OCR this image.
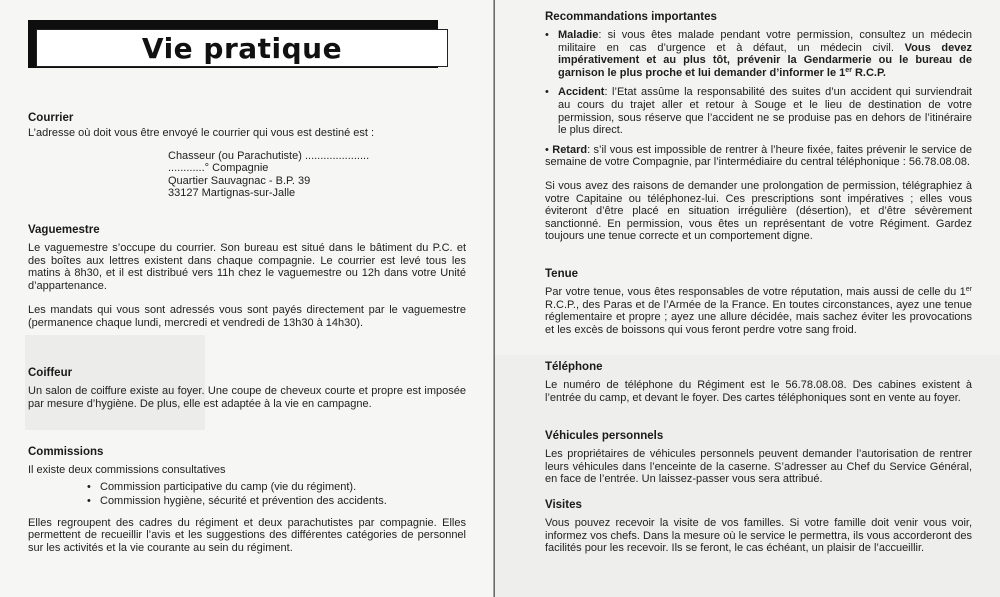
Vie pratique
Courrier

L’adresse où doit vous être envoyé le courrier qui vous est destiné est :

Chasseur (ou Parachutiste) .....................
............° Compagnie
Quartier Sauvagnac - B.P. 39
33127 Martignas-sur-Jalle
Vaguemestre

Le vaguemestre s’occupe du courrier. Son bureau est situé dans le bâtiment du P.C. et des boîtes aux lettres existent dans chaque compagnie. Le courrier est levé tous les matins à 8h30, et il est distribué vers 11h chez le vaguemestre ou 12h dans votre Unité d’appartenance.

Les mandats qui vous sont adressés vous sont payés directement par le vaguemestre (permanence chaque lundi, mercredi et vendredi de 13h30 à 14h30).

Coiffeur

Un salon de coiffure existe au foyer. Une coupe de cheveux courte et propre est imposée par mesure d’hygiène. De plus, elle est adaptée à la vie en campagne.

Commissions

Il existe deux commissions consultatives

• Commission participative du camp (vie du régiment).
• Commission hygiène, sécurité et prévention des accidents.

Elles regroupent des cadres du régiment et deux parachutistes par compagnie. Elles permettent de recueillir l’avis et les suggestions des différentes catégories de personnel sur les activités et la vie courante au sein du régiment.

Recommandations importantes
• Maladie: si vous êtes malade pendant votre permission, consultez un médecin militaire en cas d’urgence et à défaut, un médecin civil. Vous devez impérativement et au plus tôt, prévenir la Gendarmerie ou le bureau de garnison le plus proche et lui demander d’informer le 1er R.C.P.
• Accident: l’Etat assûme la responsabilité des suites d’un accident qui surviendrait au cours du trajet aller et retour à Souge et le lieu de destination de votre permission, sous réserve que l’accident ne se produise pas en dehors de l’itinéraire le plus direct.
• Retard: s’il vous est impossible de rentrer à l’heure fixée, faites prévenir le service de semaine de votre Compagnie, par l’intermédiaire du central téléphonique : 56.78.08.08.

Si vous avez des raisons de demander une prolongation de permission, télégraphiez à votre Capitaine ou téléphonez-lui. Ces prescriptions sont impératives ; elles vous éviteront d’être placé en situation irrégulière (désertion), et d’être sévèrement sanctionné. En permission, vous êtes un représentant de votre Régiment. Gardez toujours une tenue correcte et un comportement digne.

Tenue

Par votre tenue, vous êtes responsables de votre réputation, mais aussi de celle du 1er R.C.P., des Paras et de l’Armée de la France. En toutes circonstances, ayez une tenue réglementaire et propre ; ayez une allure décidée, mais sachez éviter les provocations et les excès de boissons qui vous feront perdre votre sang froid.

Téléphone

Le numéro de téléphone du Régiment est le 56.78.08.08. Des cabines existent à l’entrée du camp, et devant le foyer. Des cartes téléphoniques sont en vente au foyer.

Véhicules personnels

Les propriétaires de véhicules personnels peuvent demander l’autorisation de rentrer leurs véhicules dans l’enceinte de la caserne. S’adresser au Chef du Service Général, en face de l’entrée. Un laissez-passer vous sera attribué.

Visites

Vous pouvez recevoir la visite de vos familles. Si votre famille doit venir vous voir, informez vos chefs. Dans la mesure où le service le permettra, ils vous accorderont des facilités pour les recevoir. Ils se feront, le cas échéant, un plaisir de l’accueillir.
